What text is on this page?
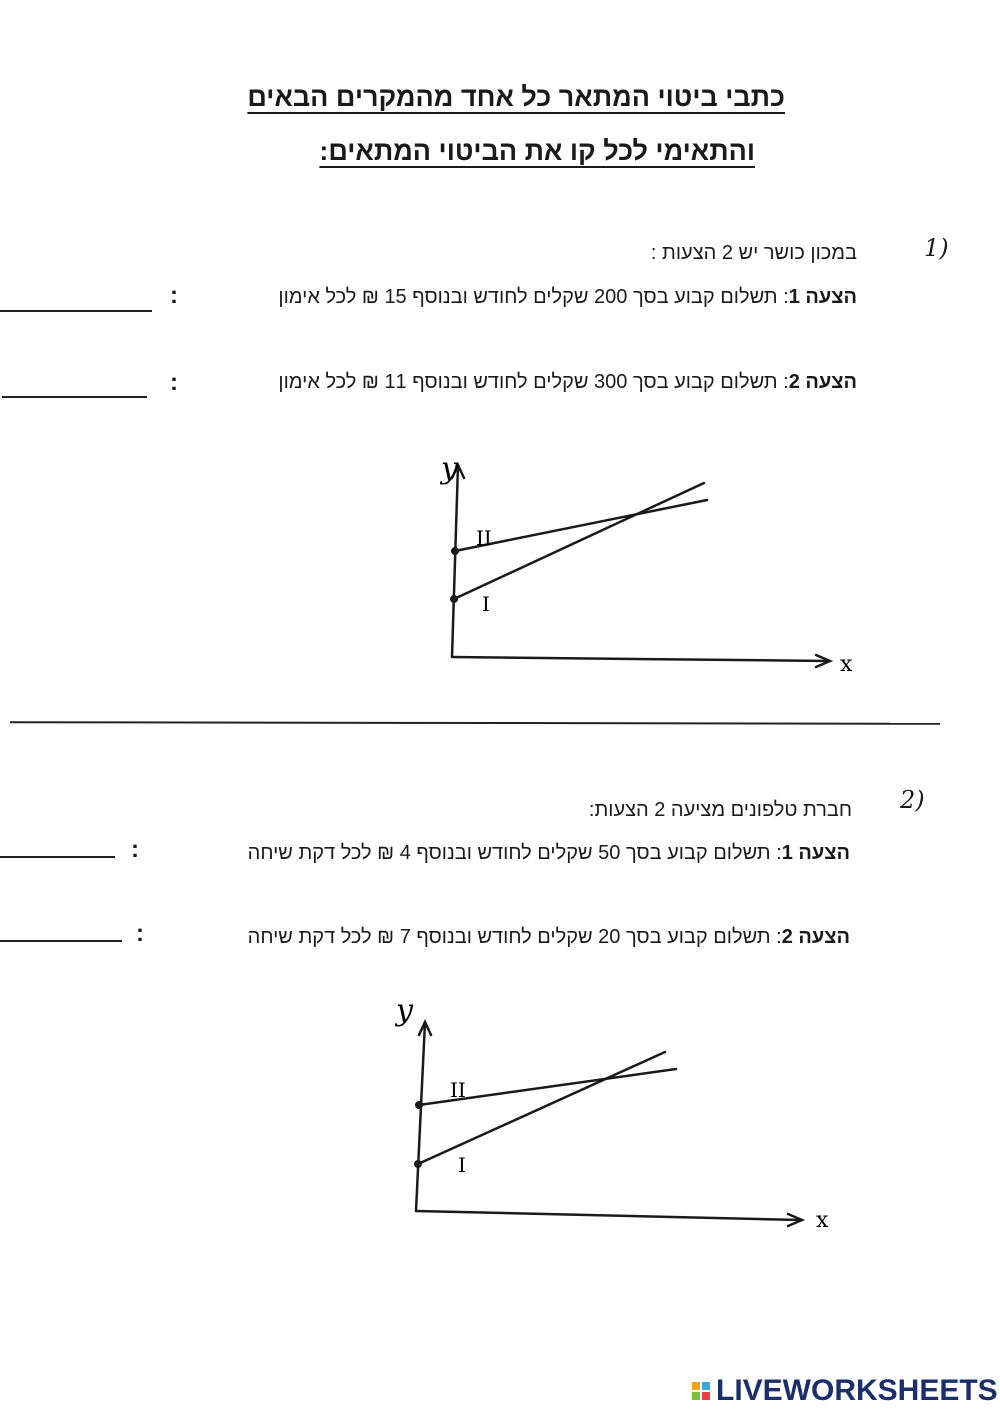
כתבי ביטוי המתאר כל אחד מהמקרים הבאים
והתאימי לכל קו את הביטוי המתאים:
1)
במכון כושר יש 2 הצעות :
הצעה 1: תשלום קבוע בסך 200 שקלים לחודש ובנוסף 15 ₪ לכל אימון
:
הצעה 2: תשלום קבוע בסך 300 שקלים לחודש ובנוסף 11 ₪ לכל אימון
:
y
x
II
I
2)
חברת טלפונים מציעה 2 הצעות:
הצעה 1: תשלום קבוע בסך 50 שקלים לחודש ובנוסף 4 ₪ לכל דקת שיחה
:
הצעה 2: תשלום קבוע בסך 20 שקלים לחודש ובנוסף 7 ₪ לכל דקת שיחה
:
y
x
II
I
LIVEWORKSHEETS
